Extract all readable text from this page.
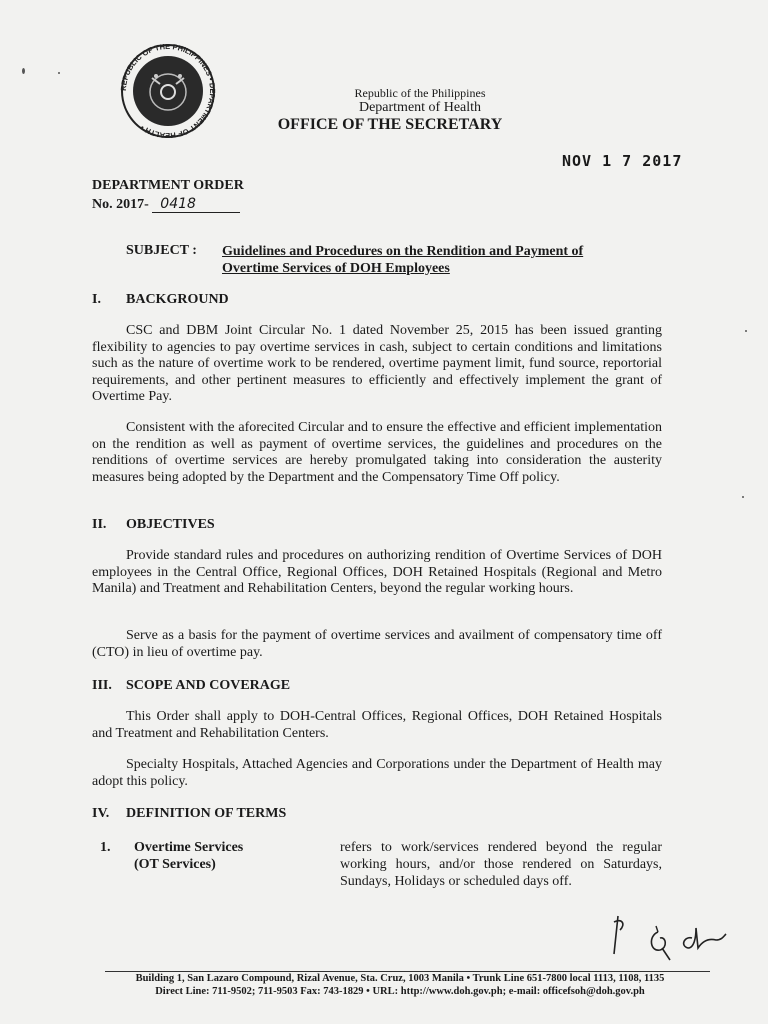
REPUBLIC OF THE PHILIPPINES • DEPARTMENT OF HEALTH •
Republic of the Philippines
Department of Health
OFFICE OF THE SECRETARY
NOV 1 7 2017
DEPARTMENT ORDER
No. 2017- 0418
SUBJECT : Guidelines and Procedures on the Rendition and Payment of Overtime Services of DOH Employees
I. BACKGROUND
CSC and DBM Joint Circular No. 1 dated November 25, 2015 has been issued granting flexibility to agencies to pay overtime services in cash, subject to certain conditions and limitations such as the nature of overtime work to be rendered, overtime payment limit, fund source, reportorial requirements, and other pertinent measures to efficiently and effectively implement the grant of Overtime Pay.
Consistent with the aforecited Circular and to ensure the effective and efficient implementation on the rendition as well as payment of overtime services, the guidelines and procedures on the renditions of overtime services are hereby promulgated taking into consideration the austerity measures being adopted by the Department and the Compensatory Time Off policy.
II. OBJECTIVES
Provide standard rules and procedures on authorizing rendition of Overtime Services of DOH employees in the Central Office, Regional Offices, DOH Retained Hospitals (Regional and Metro Manila) and Treatment and Rehabilitation Centers, beyond the regular working hours.
Serve as a basis for the payment of overtime services and availment of compensatory time off (CTO) in lieu of overtime pay.
III. SCOPE AND COVERAGE
This Order shall apply to DOH-Central Offices, Regional Offices, DOH Retained Hospitals and Treatment and Rehabilitation Centers.
Specialty Hospitals, Attached Agencies and Corporations under the Department of Health may adopt this policy.
IV. DEFINITION OF TERMS
1. Overtime Services
(OT Services)
refers to work/services rendered beyond the regular working hours, and/or those rendered on Saturdays, Sundays, Holidays or scheduled days off.
Building 1, San Lazaro Compound, Rizal Avenue, Sta. Cruz, 1003 Manila • Trunk Line 651-7800 local 1113, 1108, 1135
Direct Line: 711-9502; 711-9503 Fax: 743-1829 • URL: http://www.doh.gov.ph; e-mail: officefsoh@doh.gov.ph
